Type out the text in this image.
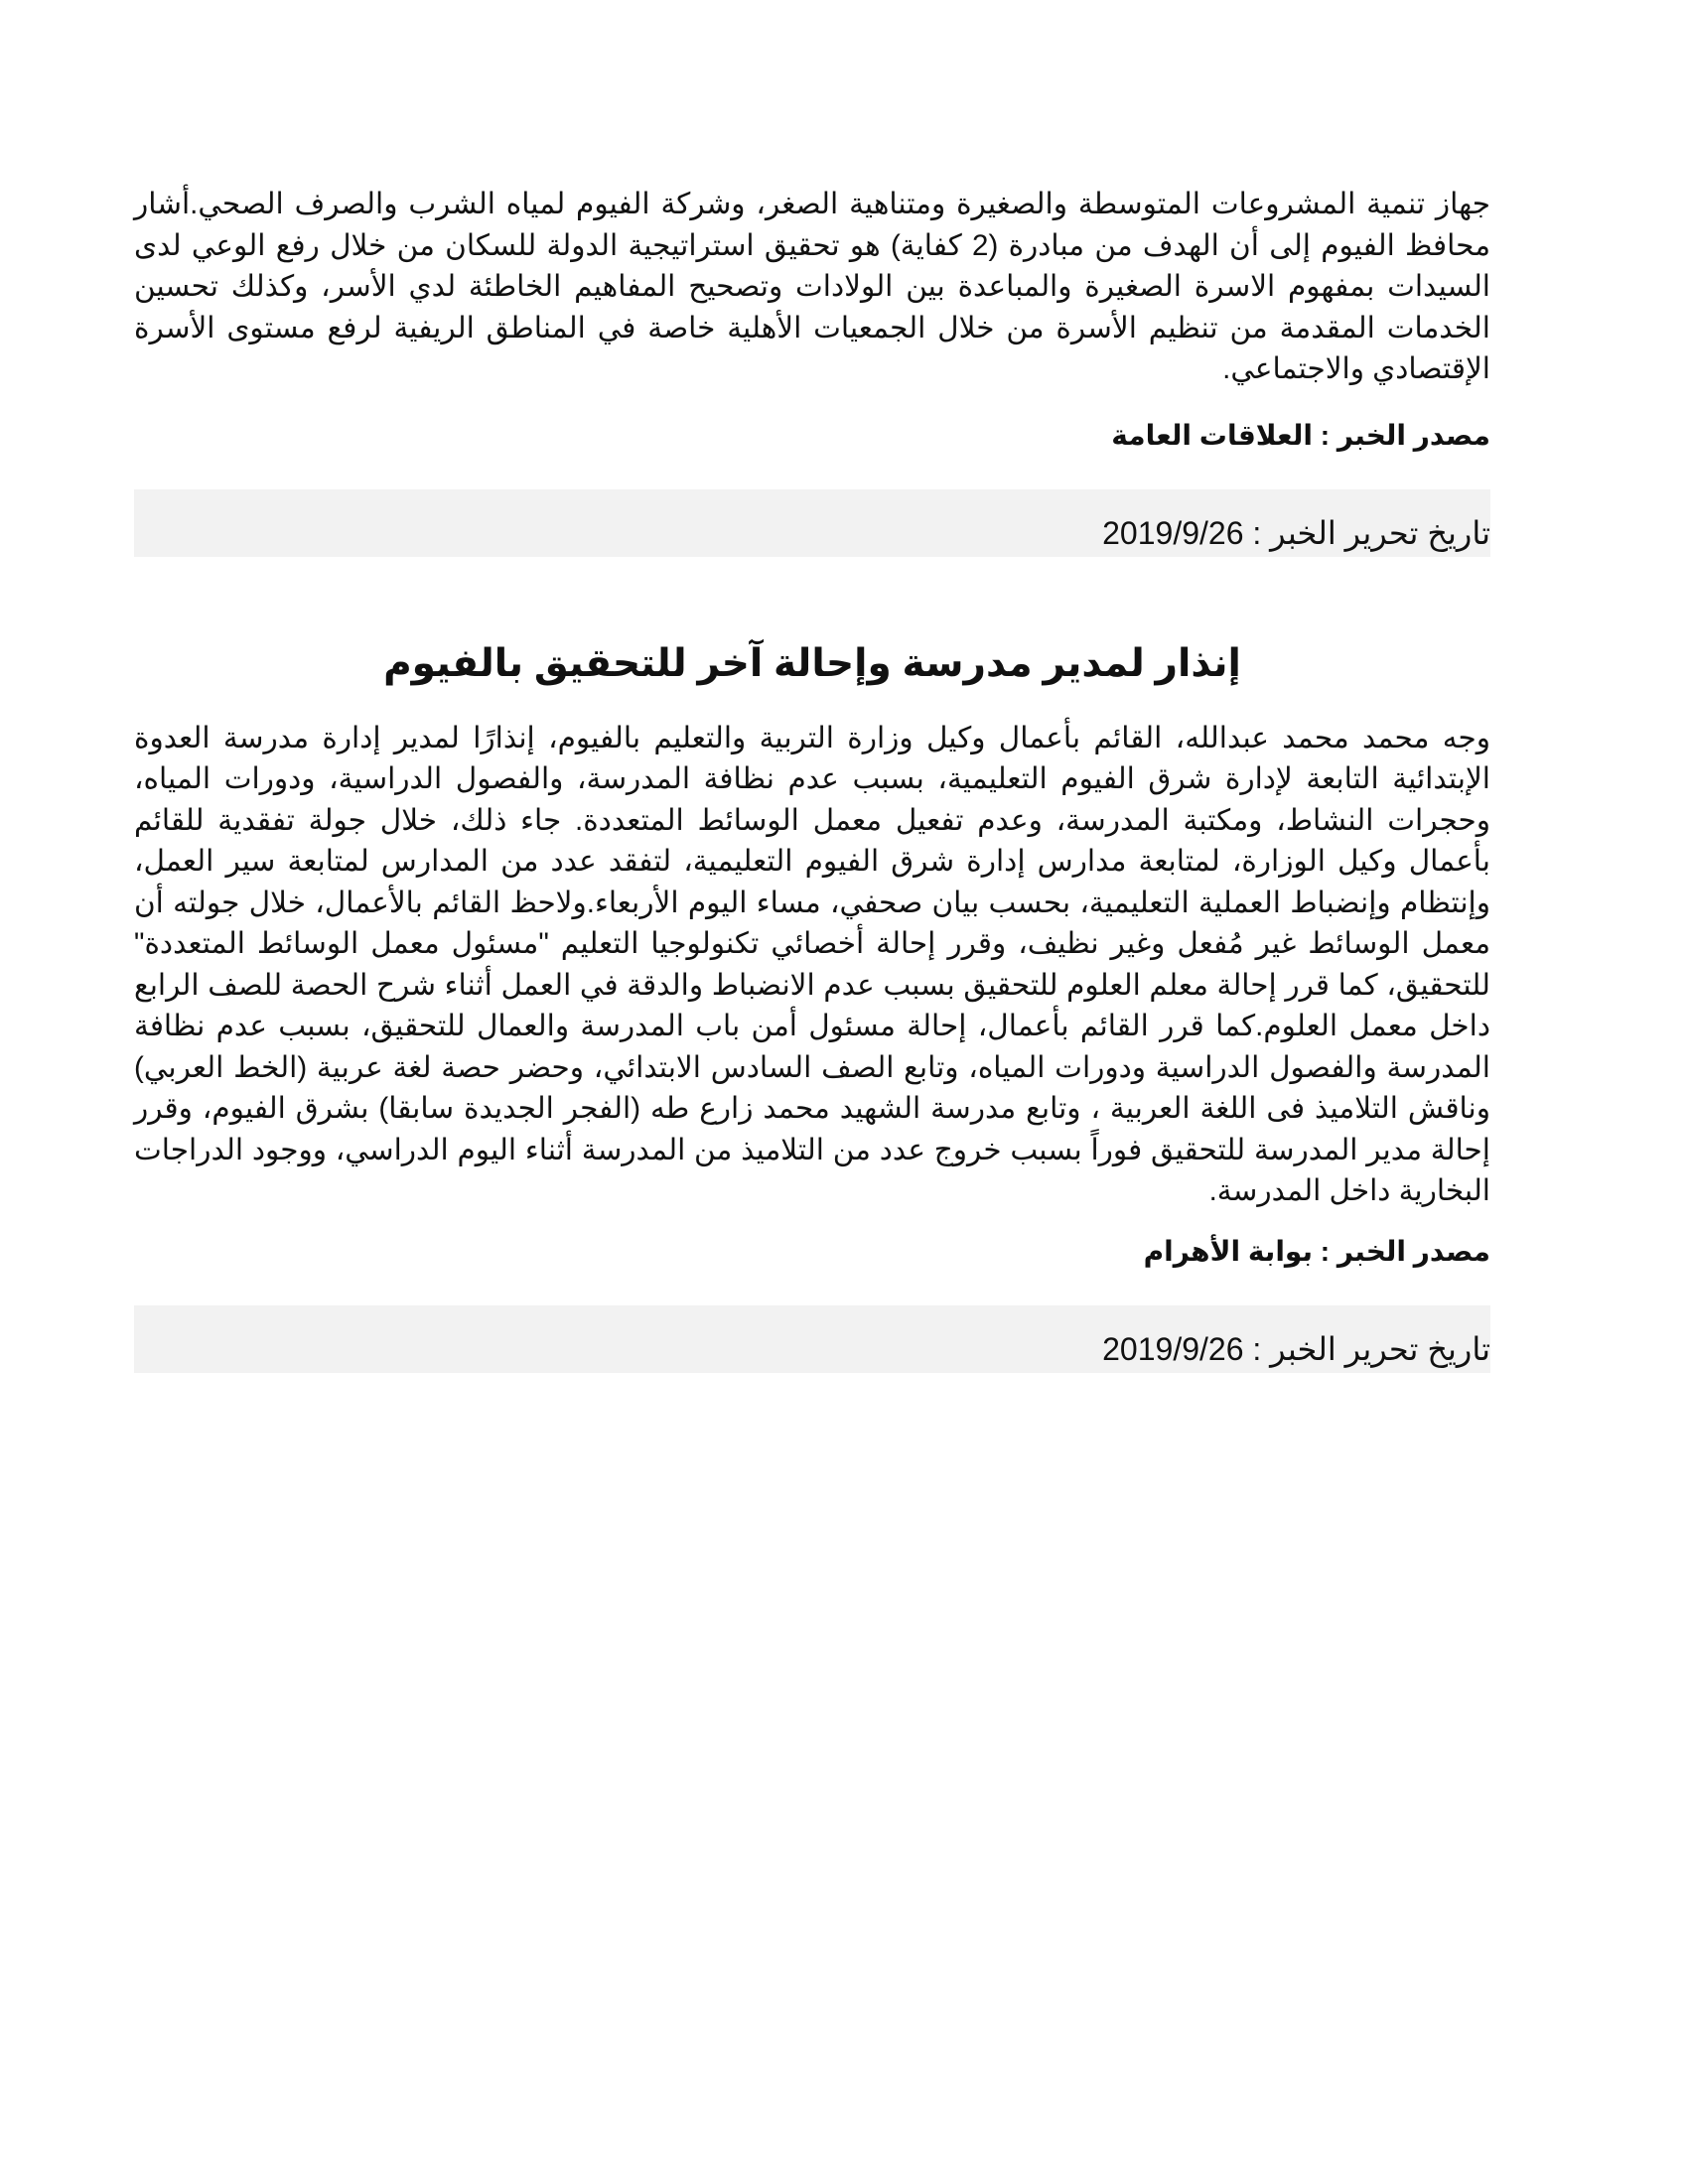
جهاز تنمية المشروعات المتوسطة والصغيرة ومتناهية الصغر، وشركة الفيوم لمياه الشرب والصرف الصحي.أشار محافظ الفيوم إلى أن الهدف من مبادرة (2 كفاية) هو تحقيق استراتيجية الدولة للسكان من خلال رفع الوعي لدى السيدات بمفهوم الاسرة الصغيرة والمباعدة بين الولادات وتصحيح المفاهيم الخاطئة لدي الأسر، وكذلك تحسين الخدمات المقدمة من تنظيم الأسرة من خلال الجمعيات الأهلية خاصة في المناطق الريفية لرفع مستوى الأسرة الإقتصادي والاجتماعي.

مصدر الخبر : العلاقات العامة

تاريخ تحرير الخبر : 2019/9/26
إنذار لمدير مدرسة وإحالة آخر للتحقيق بالفيوم

وجه محمد محمد عبدالله، القائم بأعمال وكيل وزارة التربية والتعليم بالفيوم، إنذارًا لمدير إدارة مدرسة العدوة الإبتدائية التابعة لإدارة شرق الفيوم التعليمية، بسبب عدم نظافة المدرسة، والفصول الدراسية، ودورات المياه، وحجرات النشاط، ومكتبة المدرسة، وعدم تفعيل معمل الوسائط المتعددة. جاء ذلك، خلال جولة تفقدية للقائم بأعمال وكيل الوزارة، لمتابعة مدارس إدارة شرق الفيوم التعليمية، لتفقد عدد من المدارس لمتابعة سير العمل، وإنتظام وإنضباط العملية التعليمية، بحسب بيان صحفي، مساء اليوم الأربعاء.ولاحظ القائم بالأعمال، خلال جولته أن معمل الوسائط غير مُفعل وغير نظيف، وقرر إحالة أخصائي تكنولوجيا التعليم "مسئول معمل الوسائط المتعددة" للتحقيق، كما قرر إحالة معلم العلوم للتحقيق بسبب عدم الانضباط والدقة في العمل أثناء شرح الحصة للصف الرابع داخل معمل العلوم.كما قرر القائم بأعمال، إحالة مسئول أمن باب المدرسة والعمال للتحقيق، بسبب عدم نظافة المدرسة والفصول الدراسية ودورات المياه، وتابع الصف السادس الابتدائي، وحضر حصة لغة عربية (الخط العربي) وناقش التلاميذ فى اللغة العربية ، وتابع مدرسة الشهيد محمد زارع طه (الفجر الجديدة سابقا) بشرق الفيوم، وقرر إحالة مدير المدرسة للتحقيق فوراً بسبب خروج عدد من التلاميذ من المدرسة أثناء اليوم الدراسي، ووجود الدراجات البخارية داخل المدرسة.

مصدر الخبر : بوابة الأهرام

تاريخ تحرير الخبر : 2019/9/26
